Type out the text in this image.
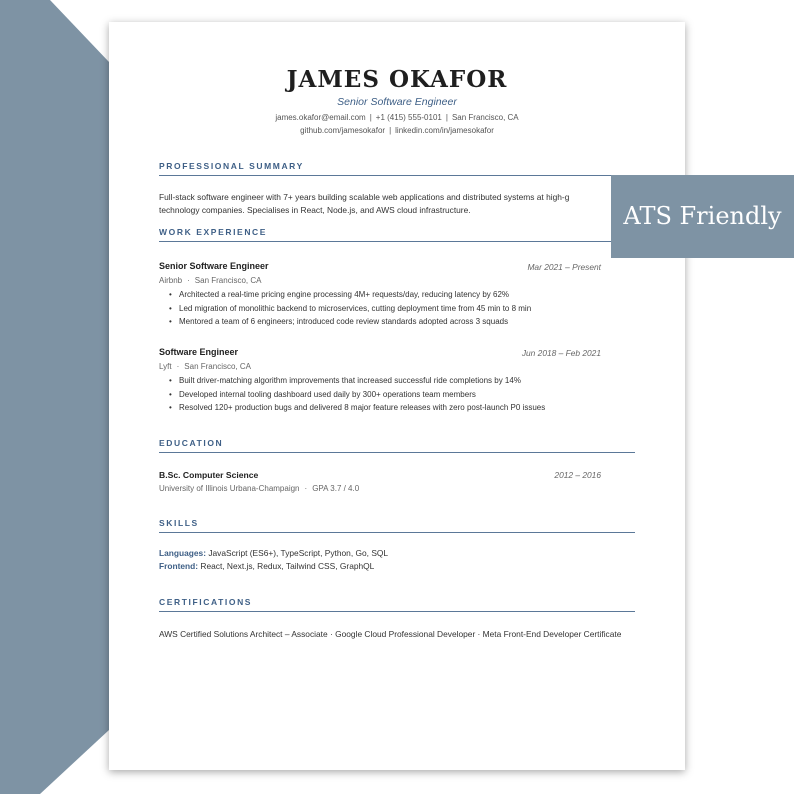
JAMES OKAFOR
Senior Software Engineer
james.okafor@email.com | +1 (415) 555-0101 | San Francisco, CA
github.com/jamesokafor | linkedin.com/in/jamesokafor
PROFESSIONAL SUMMARY
Full-stack software engineer with 7+ years building scalable web applications and distributed systems at high-g
technology companies. Specialises in React, Node.js, and AWS cloud infrastructure.
WORK EXPERIENCE
Senior Software Engineer	Mar 2021 – Present
Airbnb · San Francisco, CA
• Architected a real-time pricing engine processing 4M+ requests/day, reducing latency by 62%
• Led migration of monolithic backend to microservices, cutting deployment time from 45 min to 8 min
• Mentored a team of 6 engineers; introduced code review standards adopted across 3 squads
Software Engineer	Jun 2018 – Feb 2021
Lyft · San Francisco, CA
• Built driver-matching algorithm improvements that increased successful ride completions by 14%
• Developed internal tooling dashboard used daily by 300+ operations team members
• Resolved 120+ production bugs and delivered 8 major feature releases with zero post-launch P0 issues
EDUCATION
B.Sc. Computer Science	2012 – 2016
University of Illinois Urbana-Champaign · GPA 3.7 / 4.0
SKILLS
Languages: JavaScript (ES6+), TypeScript, Python, Go, SQL
Frontend: React, Next.js, Redux, Tailwind CSS, GraphQL
CERTIFICATIONS
AWS Certified Solutions Architect – Associate · Google Cloud Professional Developer · Meta Front-End Developer Certificate
ATS Friendly
